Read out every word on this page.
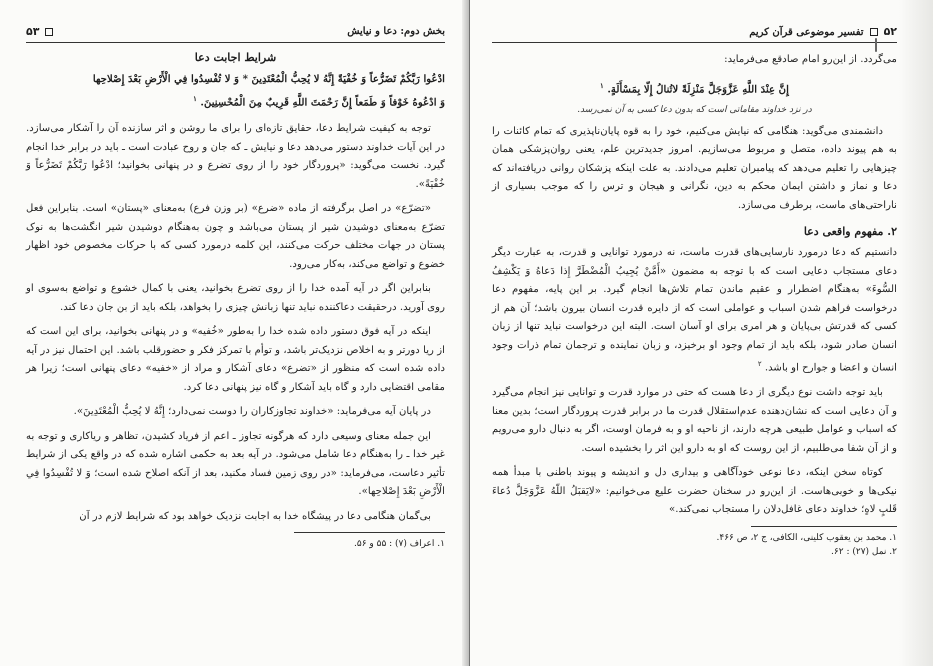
بخش دوم: دعا و نیایش
۵۳
شرایط اجابت دعا
ادْعُوا رَبَّكُمْ تَضَرُّعاً وَ خُفْيَةً إِنَّهُ لا يُحِبُّ الْمُعْتَدِينَ * وَ لا تُفْسِدُوا فِي الْأَرْضِ بَعْدَ إِصْلاحِها
وَ ادْعُوهُ خَوْفاً وَ طَمَعاً إِنَّ رَحْمَتَ اللَّهِ قَرِيبٌ مِنَ الْمُحْسِنِينَ. $^۱$

توجه به کیفیت شرایط دعا، حقایق تازه‌ای را برای ما روشن و اثر سازنده آن را آشکار می‌سازد. در این آیات خداوند دستور می‌دهد دعا و نیایش ـ که جان و روح عبادت است ـ باید در برابر خدا انجام گیرد. نخست می‌گوید: «پروردگار خود را از روی تضرع و در پنهانی بخوانید؛ ادْعُوا رَبَّكُمْ تَضَرُّعاً وَ خُفْيَةً».

«تضرّع» در اصل برگرفته از ماده «ضرع» (بر وزن فرع) به‌معنای «پستان» است. بنابراین فعل تضرّع به‌معنای دوشیدن شیر از پستان می‌باشد و چون به‌هنگام دوشیدن شیر انگشت‌ها به نوک پستان در جهات مختلف حرکت می‌کنند، این کلمه درمورد کسی که با حرکات مخصوص خود اظهار خضوع و تواضع می‌کند، به‌کار می‌رود.

بنابراین اگر در آیه آمده خدا را از روی تضرع بخوانید، یعنی با کمال خشوع و تواضع به‌سوی او روی آورید. درحقیقت دعاکننده نباید تنها زبانش چیزی را بخواهد، بلکه باید از بن جان دعا کند.

اینکه در آیه فوق دستور داده شده خدا را به‌طور «خُفیه» و در پنهانی بخوانید، برای این است که از ریا دورتر و به اخلاص نزدیک‌تر باشد، و توأم با تمرکز فکر و حضورقلب باشد. این احتمال نیز در آیه داده شده است که منظور از «تضرع» دعای آشکار و مراد از «خفیه» دعای پنهانی است؛ زیرا هر مقامی اقتضایی دارد و گاه باید آشکار و گاه نیز پنهانی دعا کرد.

در پایان آیه می‌فرماید: «خداوند تجاوزکاران را دوست نمی‌دارد؛ إِنَّهُ لا يُحِبُّ الْمُعْتَدِينَ».

این جمله معنای وسیعی دارد که هرگونه تجاوز ـ اعم از فریاد کشیدن، تظاهر و ریاکاری و توجه به غیر خدا ـ را به‌هنگام دعا شامل می‌شود. در آیه بعد به حکمی اشاره شده که در واقع یکی از شرایط تأثیر دعاست، می‌فرماید: «در روی زمین فساد مکنید، بعد از آنکه اصلاح شده است؛ وَ لا تُفْسِدُوا فِي الْأَرْضِ بَعْدَ إِصْلاحِها».

بی‌گمان هنگامی دعا در پیشگاه خدا به اجابت نزدیک خواهد بود که شرایط لازم در آن

۱. اعراف (۷) : ۵۵ و ۵۶.
۵۲تفسیر موضوعی قرآن کریم

می‌گردد. از این‌رو امام صادقع می‌فرماید:

إِنَّ عِنْدَ اللَّهِ عَزَّوَجَلَّ مَنْزِلَةً لاتُنالُ إِلّا بِمَسْأَلَةٍ. $^۱$
در نزد خداوند مقاماتی است که بدون دعا کسی به آن نمی‌رسد.

دانشمندی می‌گوید: هنگامی که نیایش می‌کنیم، خود را به قوه پایان‌ناپذیری که تمام کائنات را به هم پیوند داده، متصل و مربوط می‌سازیم. امروز جدیدترین علم، یعنی روان‌پزشکی همان چیزهایی را تعلیم می‌دهد که پیامبران تعلیم می‌دادند. به علت اینکه پزشکان روانی دریافته‌اند که دعا و نماز و داشتن ایمان محکم به دین، نگرانی و هیجان و ترس را که موجب بسیاری از ناراحتی‌های ماست، برطرف می‌سازد.

۲. مفهوم واقعی دعا

دانستیم که دعا درمورد نارسایی‌های قدرت ماست، نه درمورد توانایی و قدرت، به عبارت دیگر دعای مستجاب دعایی است که با توجه به مضمون «أَمَّنْ يُجِيبُ الْمُضْطَرَّ إِذا دَعاهُ وَ يَكْشِفُ السُّوءَ» به‌هنگام اضطرار و عقیم ماندن تمام تلاش‌ها انجام گیرد. بر این پایه، مفهوم دعا درخواست فراهم شدن اسباب و عواملی است که از دایره قدرت انسان بیرون باشد؛ آن هم از کسی که قدرتش بی‌پایان و هر امری برای او آسان است. البته این درخواست نباید تنها از زبان انسان صادر شود، بلکه باید از تمام وجود او برخیزد، و زبان نماینده و ترجمان تمام ذرات وجود انسان و اعضا و جوارح او باشد. $^۲$

باید توجه داشت نوع دیگری از دعا هست که حتی در موارد قدرت و توانایی نیز انجام می‌گیرد و آن دعایی است که نشان‌دهنده عدم‌استقلال قدرت ما در برابر قدرت پروردگار است؛ بدین معنا که اسباب و عوامل طبیعی هرچه دارند، از ناحیه او و به فرمان اوست، اگر به دنبال دارو می‌رویم و از آن شفا می‌طلبیم، از این روست که او به دارو این اثر را بخشیده است.

کوتاه سخن اینکه، دعا نوعی خودآگاهی و بیداری دل و اندیشه و پیوند باطنی با مبدأ همه نیکی‌ها و خوبی‌هاست. از این‌رو در سخنان حضرت علیع می‌خوانیم: «لايَقبَلُ اللّهُ عَزَّوَجَلَّ دُعاءَ قَلبٍ لاهٍ؛ خداوند دعای غافل‌دلان را مستجاب نمی‌کند.»

۱. محمد بن یعقوب کلینی، الکافی، ج ۲، ص ۴۶۶.
۲. نمل (۲۷) : ۶۲.
